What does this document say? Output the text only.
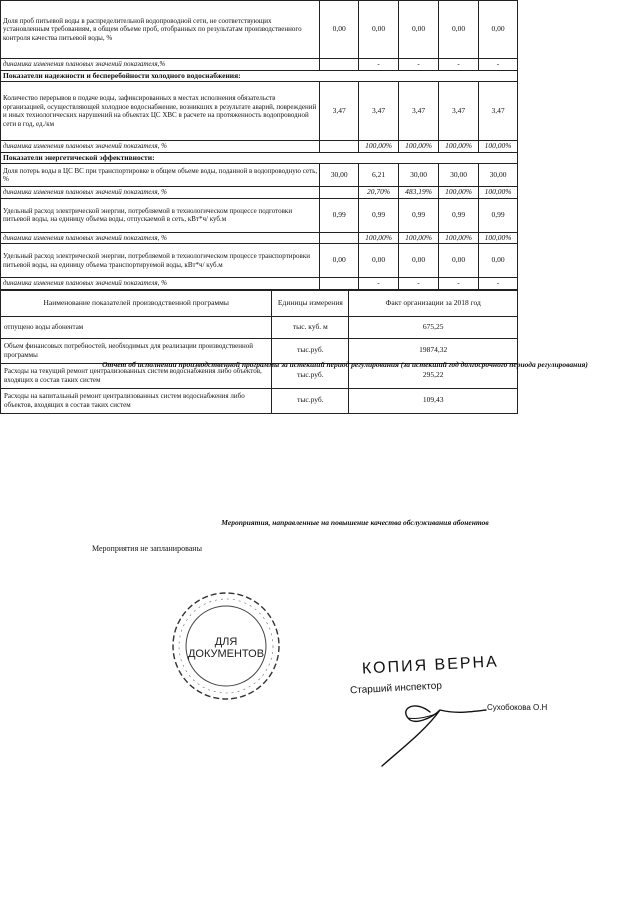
Доля проб питьевой воды в распределительной водопроводной сети, не соответствующих установленным требованиям, в общем объеме проб, отобранных по результатам производственного контроля качества питьевой воды, %	0,00	0,00	0,00	0,00	0,00
динамика изменения плановых значений показателя,%		-	-	-	-
Показатели надежности и бесперебойности холодного водоснабжения:					
Количество перерывов в подаче воды, зафиксированных в местах исполнения обязательств организацией, осуществляющей холодное водоснабжение, возникших в результате аварий, повреждений и иных технологических нарушений на объектах ЦС ХВС в расчете на протяженность водопроводной сети в год, ед./км	3,47	3,47	3,47	3,47	3,47
динамика изменения плановых значений показателя, %		100,00%	100,00%	100,00%	100,00%
Показатели энергетической эффективности:					
Доля потерь воды в ЦС ВС при транспортировке в общем объеме воды, поданной в водопроводную сеть, %	30,00	6,21	30,00	30,00	30,00
динамика изменения плановых значений показателя, %		20,70%	483,19%	100,00%	100,00%
Удельный расход электрической энергии, потребляемой в технологическом процессе подготовки питьевой воды, на единицу объема воды, отпускаемой в сеть, кВт*ч/ куб.м	0,99	0,99	0,99	0,99	0,99
динамика изменения плановых значений показателя, %		100,00%	100,00%	100,00%	100,00%
Удельный расход электрической энергии, потребляемой в технологическом процессе транспортировки питьевой воды, на единицу объема транспортируемой воды, кВт*ч/ куб.м	0,00	0,00	0,00	0,00	0,00
динамика изменения плановых значений показателя, %		-	-	-	-
Отчет об исполнении производственной программы за истекший период регулирования (за истекший год долгосрочного периода регулирования)
Наименование показателей производственной программы	Единицы измерения	Факт организации за 2018 год
отпущено воды абонентам	тыс. куб. м	675,25
Объем финансовых потребностей, необходимых для реализации производственной программы	тыс.руб.	19874,32
Расходы на текущий ремонт централизованных систем водоснабжения либо объектов, входящих в состав таких систем	тыс.руб.	295,22
Расходы на капитальный ремонт централизованных систем водоснабжения либо объектов, входящих в состав таких систем	тыс.руб.	109,43
Мероприятия, направленные на повышение качества обслуживания абонентов
Мероприятия не запланированы
ДЛЯ
ДОКУМЕНТОВ	КОПИЯ ВЕРНА
Старший инспектор
Сухобокова О.Н
